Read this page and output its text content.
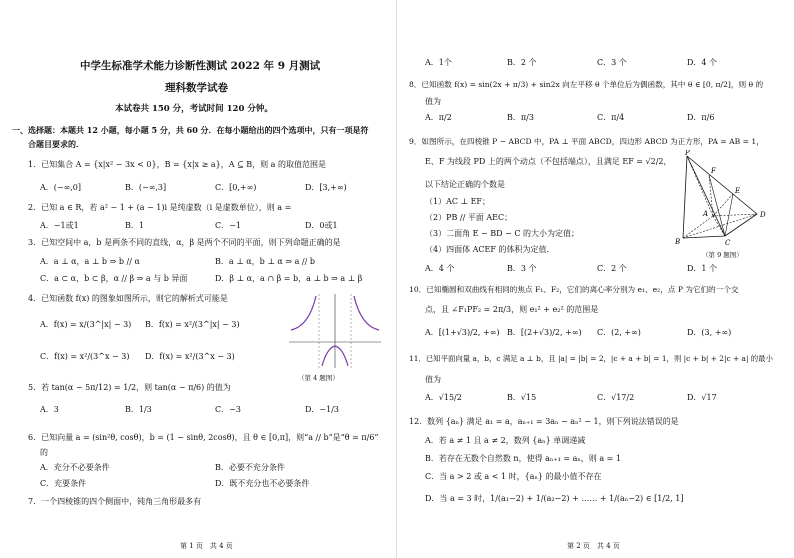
中学生标准学术能力诊断性测试 2022 年 9 月测试
理科数学试卷
本试卷共 150 分，考试时间 120 分钟。
一、选择题：本题共 12 小题，每小题 5 分，共 60 分．在每小题给出的四个选项中，只有一项是符
合题目要求的．
1．已知集合 A = {x|x² − 3x < 0}，B = {x|x ≥ a}，A ⊆ B，则 a 的取值范围是
A．(−∞,0]	B．(−∞,3]	C．[0,+∞)	D．[3,+∞)
2．已知 a ∈ R，若 a² − 1 + (a − 1)i 是纯虚数（i 是虚数单位），则 a =
A．−1或1	B．1	C．−1	D．0或1
3．已知空间中 a，b 是两条不同的直线，α，β 是两个不同的平面，则下列命题正确的是
A．a ⊥ α，a ⊥ b ⇒ b // α	B．a ⊥ α，b ⊥ α ⇒ a // b
C．a ⊂ α，b ⊂ β，α // β ⇒ a 与 b 异面	D．β ⊥ α，a ∩ β = b，a ⊥ b ⇒ a ⊥ β
4．已知函数 f(x) 的图象如图所示，则它的解析式可能是
A．f(x) = x/(3^|x| − 3) B．f(x) = x²/(3^|x| − 3)
C．f(x) = x²/(3^x − 3) D．f(x) = x²/(3^x − 3)
（第 4 题图）
5．若 tan(α − 5π/12) = 1/2，则 tan(α − π/6) 的值为
A．3	B．1/3	C．−3	D．−1/3
6．已知向量 a = (sin²θ, cosθ)，b = (1 − sinθ, 2cosθ)，且 θ ∈ [0,π]，则“a // b”是“θ = π/6”
的
A．充分不必要条件	B．必要不充分条件
C．充要条件	D．既不充分也不必要条件
7．一个四棱锥的四个侧面中，钝角三角形最多有
第 1 页　共 4 页
A．1个	B．2 个	C．3 个	D．4 个
8．已知函数 f(x) = sin(2x + π/3) + sin2x 向左平移 θ 个单位后为偶函数，其中 θ ∈ [0, π/2]，则 θ 的
值为
A．π/2	B．π/3	C．π/4	D．π/6
9．如图所示，在四棱锥 P − ABCD 中，PA ⊥ 平面 ABCD，四边形 ABCD 为正方形，PA = AB = 1，
E、F 为线段 PD 上的两个动点（不包括端点），且满足 EF = √2/2，
以下结论正确的个数是
（1）AC ⊥ EF；
（2）PB // 平面 AEC；
（3）二面角 E − BD − C 的大小为定值；
（4）四面体 ACEF 的体积为定值．
A．4 个	B．3 个	C．2 个	D．1 个
P
F
E
A	D
B	C
（第 9 题图）
10．已知椭圆和双曲线有相同的焦点 F₁、F₂，它们的离心率分别为 e₁、e₂，点 P 为它们的一个交
点，且 ∠F₁PF₂ = 2π/3，则 e₁² + e₂² 的范围是
A．[(1+√3)/2, +∞) B．[(2+√3)/2, +∞) C．(2, +∞)	D．(3, +∞)
11．已知平面向量 a，b，c 满足 a ⊥ b，且 |a| = |b| = 2，|c + a + b| = 1，则 |c + b| + 2|c + a| 的最小
值为
A．√15/2	B．√15	C．√17/2	D．√17
12．数列 {aₙ} 满足 a₁ = a，aₙ₊₁ = 3aₙ − aₙ² − 1，则下列说法错误的是
A．若 a ≠ 1 且 a ≠ 2，数列 {aₙ} 单调递减
B．若存在无数个自然数 n，使得 aₙ₊₁ = aₙ，则 a = 1
C．当 a > 2 或 a < 1 时，{aₙ} 的最小值不存在
D．当 a = 3 时，1/(a₁−2) + 1/(a₂−2) + …… + 1/(aₙ−2) ∈ [1/2, 1]
第 2 页　共 4 页
